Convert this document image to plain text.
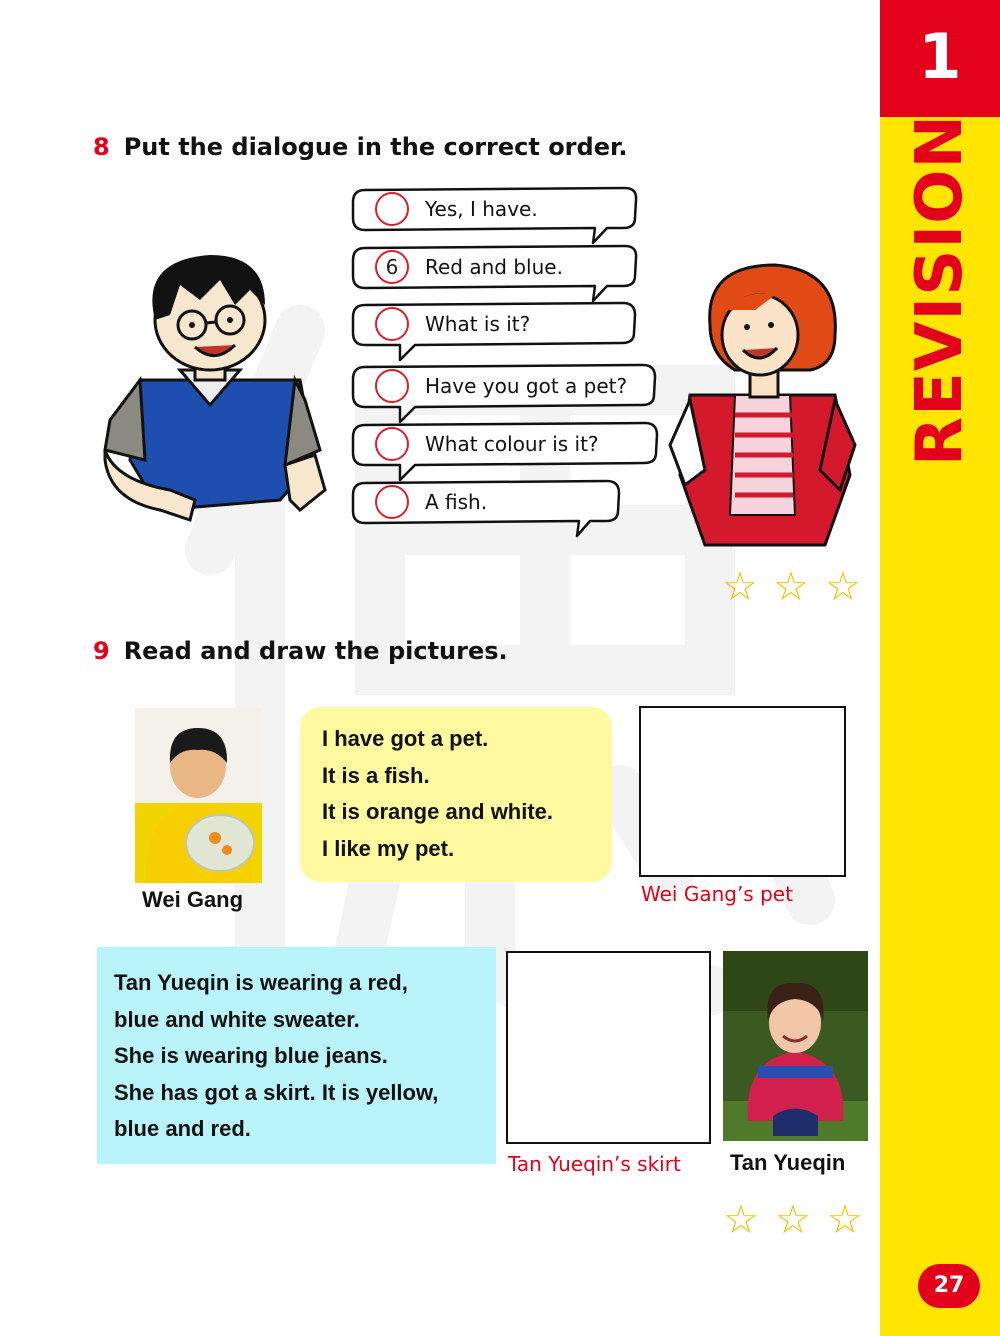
1
REVISION
27
8 Put the dialogue in the correct order.
Yes, I have.
6	Red and blue.
What is it?
Have you got a pet?
What colour is it?
A fish.
☆ ☆ ☆
9 Read and draw the pictures.
Wei Gang
I have got a pet.
It is a fish.
It is orange and white.
I like my pet.
Wei Gang’s pet
Tan Yueqin is wearing a red,
blue and white sweater.
She is wearing blue jeans.
She has got a skirt. It is yellow,
blue and red.
Tan Yueqin’s skirt Tan Yueqin
☆ ☆ ☆
